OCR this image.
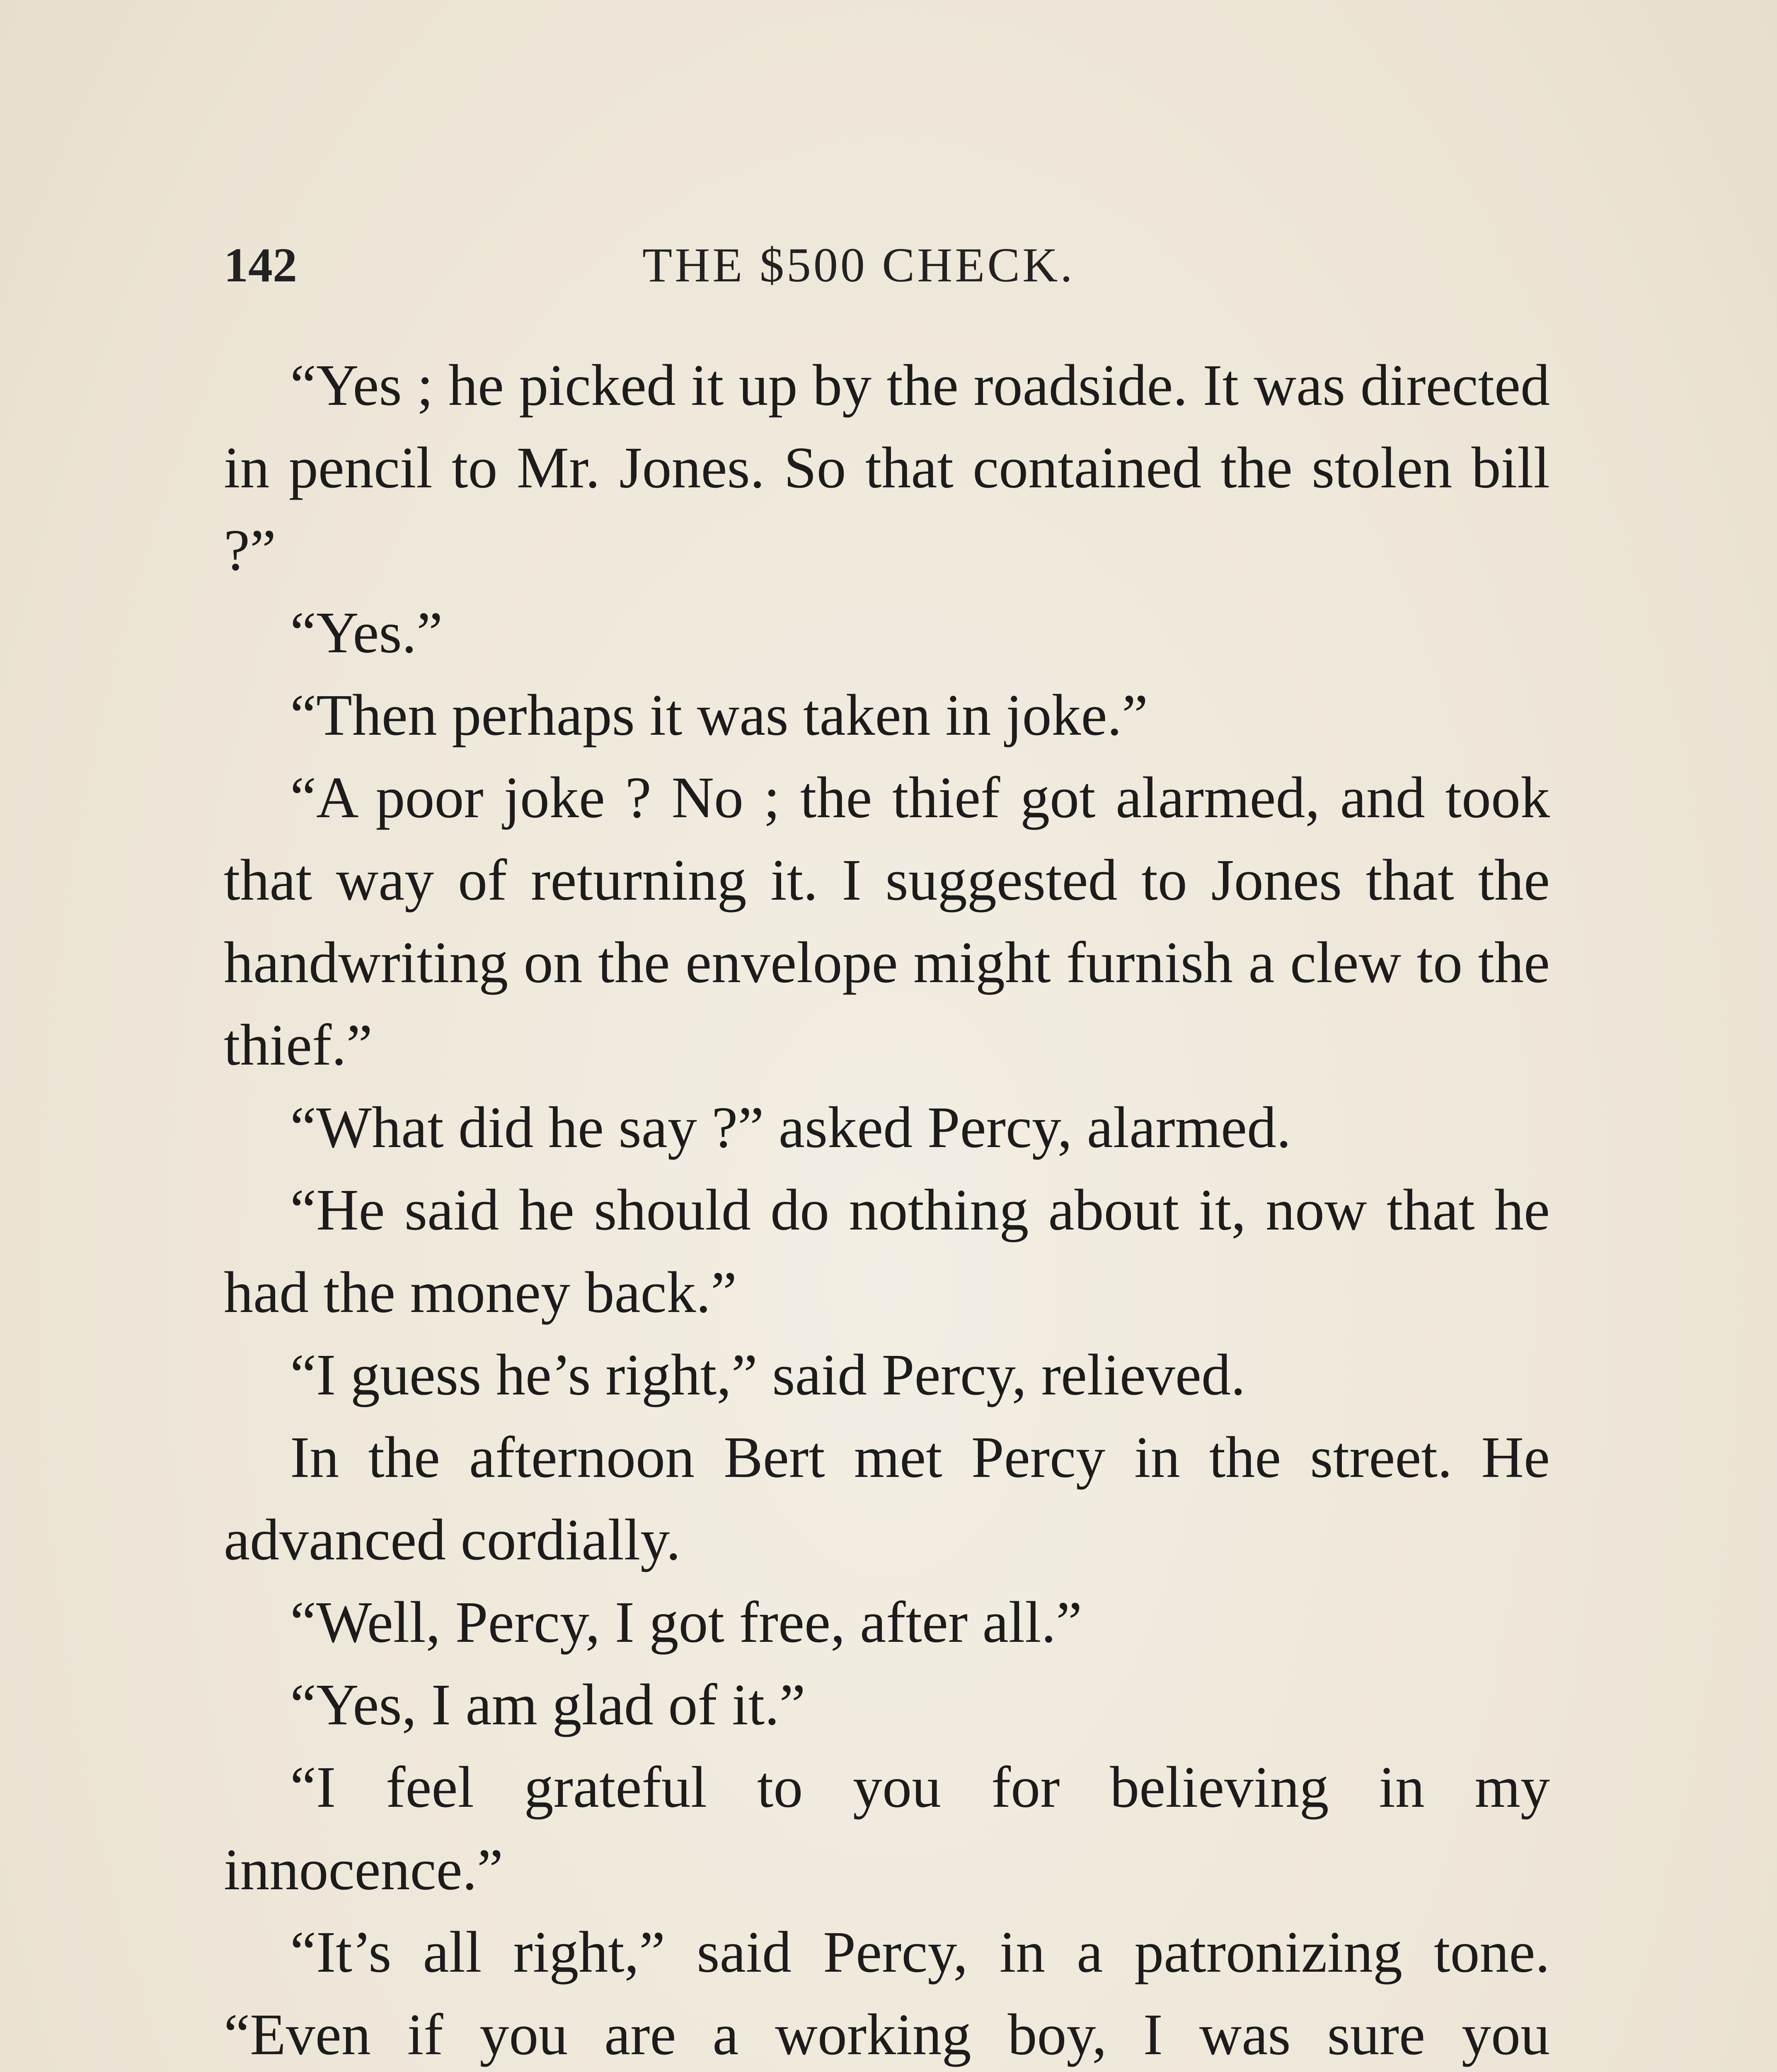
142	THE $500 CHECK.

“Yes ; he picked it up by the roadside. It was directed in pencil to Mr. Jones. So that contained the stolen bill ?”

“Yes.”

“Then perhaps it was taken in joke.”

“A poor joke ? No ; the thief got alarmed, and took that way of returning it. I suggested to Jones that the handwriting on the envelope might furnish a clew to the thief.”

“What did he say ?” asked Percy, alarmed.

“He said he should do nothing about it, now that he had the money back.”

“I guess he’s right,” said Percy, relieved.

In the afternoon Bert met Percy in the street. He advanced cordially.

“Well, Percy, I got free, after all.”

“Yes, I am glad of it.”

“I feel grateful to you for believing in my innocence.”

“It’s all right,” said Percy, in a patronizing tone. “Even if you are a working boy, I was sure you
